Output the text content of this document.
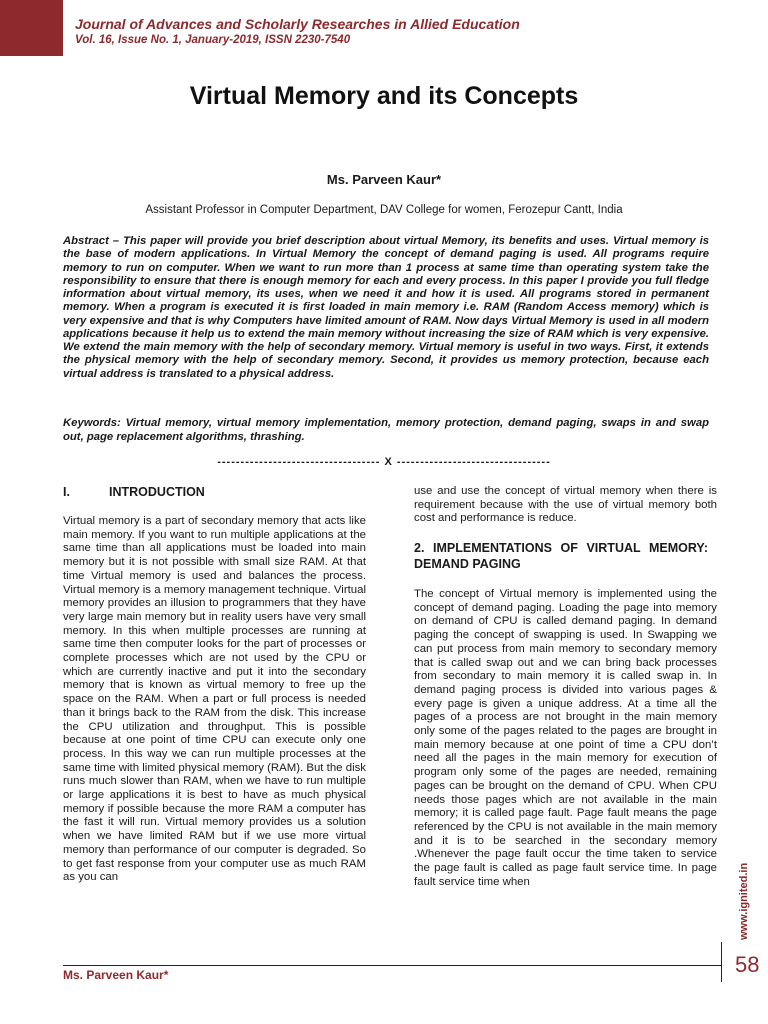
Journal of Advances and Scholarly Researches in Allied Education
Vol. 16, Issue No. 1, January-2019, ISSN 2230-7540
Virtual Memory and its Concepts
Ms. Parveen Kaur*
Assistant Professor in Computer Department, DAV College for women, Ferozepur Cantt, India

Abstract – This paper will provide you brief description about virtual Memory, its benefits and uses. Virtual memory is the base of modern applications. In Virtual Memory the concept of demand paging is used. All programs require memory to run on computer. When we want to run more than 1 process at same time than operating system take the responsibility to ensure that there is enough memory for each and every process. In this paper I provide you full fledge information about virtual memory, its uses, when we need it and how it is used. All programs stored in permanent memory. When a program is executed it is first loaded in main memory i.e. RAM (Random Access memory) which is very expensive and that is why Computers have limited amount of RAM. Now days Virtual Memory is used in all modern applications because it help us to extend the main memory without increasing the size of RAM which is very expensive. We extend the main memory with the help of secondary memory. Virtual memory is useful in two ways. First, it extends the physical memory with the help of secondary memory. Second, it provides us memory protection, because each virtual address is translated to a physical address.

Keywords: Virtual memory, virtual memory implementation, memory protection, demand paging, swaps in and swap out, page replacement algorithms, thrashing.

----------------------------------- X ---------------------------------
I.	INTRODUCTION

Virtual memory is a part of secondary memory that acts like main memory. If you want to run multiple applications at the same time than all applications must be loaded into main memory but it is not possible with small size RAM. At that time Virtual memory is used and balances the process. Virtual memory is a memory management technique. Virtual memory provides an illusion to programmers that they have very large main memory but in reality users have very small memory. In this when multiple processes are running at same time then computer looks for the part of processes or complete processes which are not used by the CPU or which are currently inactive and put it into the secondary memory that is known as virtual memory to free up the space on the RAM. When a part or full process is needed than it brings back to the RAM from the disk. This increase the CPU utilization and throughput. This is possible because at one point of time CPU can execute only one process. In this way we can run multiple processes at the same time with limited physical memory (RAM). But the disk runs much slower than RAM, when we have to run multiple or large applications it is best to have as much physical memory if possible because the more RAM a computer has the fast it will run. Virtual memory provides us a solution when we have limited RAM but if we use more virtual memory than performance of our computer is degraded. So to get fast response from your computer use as much RAM as you can

use and use the concept of virtual memory when there is requirement because with the use of virtual memory both cost and performance is reduce.

2. IMPLEMENTATIONS OF VIRTUAL MEMORY: DEMAND PAGING

The concept of Virtual memory is implemented using the concept of demand paging. Loading the page into memory on demand of CPU is called demand paging. In demand paging the concept of swapping is used. In Swapping we can put process from main memory to secondary memory that is called swap out and we can bring back processes from secondary to main memory it is called swap in. In demand paging process is divided into various pages & every page is given a unique address. At a time all the pages of a process are not brought in the main memory only some of the pages related to the pages are brought in main memory because at one point of time a CPU don’t need all the pages in the main memory for execution of program only some of the pages are needed, remaining pages can be brought on the demand of CPU. When CPU needs those pages which are not available in the main memory; it is called page fault. Page fault means the page referenced by the CPU is not available in the main memory and it is to be searched in the secondary memory .Whenever the page fault occur the time taken to service the page fault is called as page fault service time. In page fault service time when	www.ignited.in
Ms. Parveen Kaur*	58
